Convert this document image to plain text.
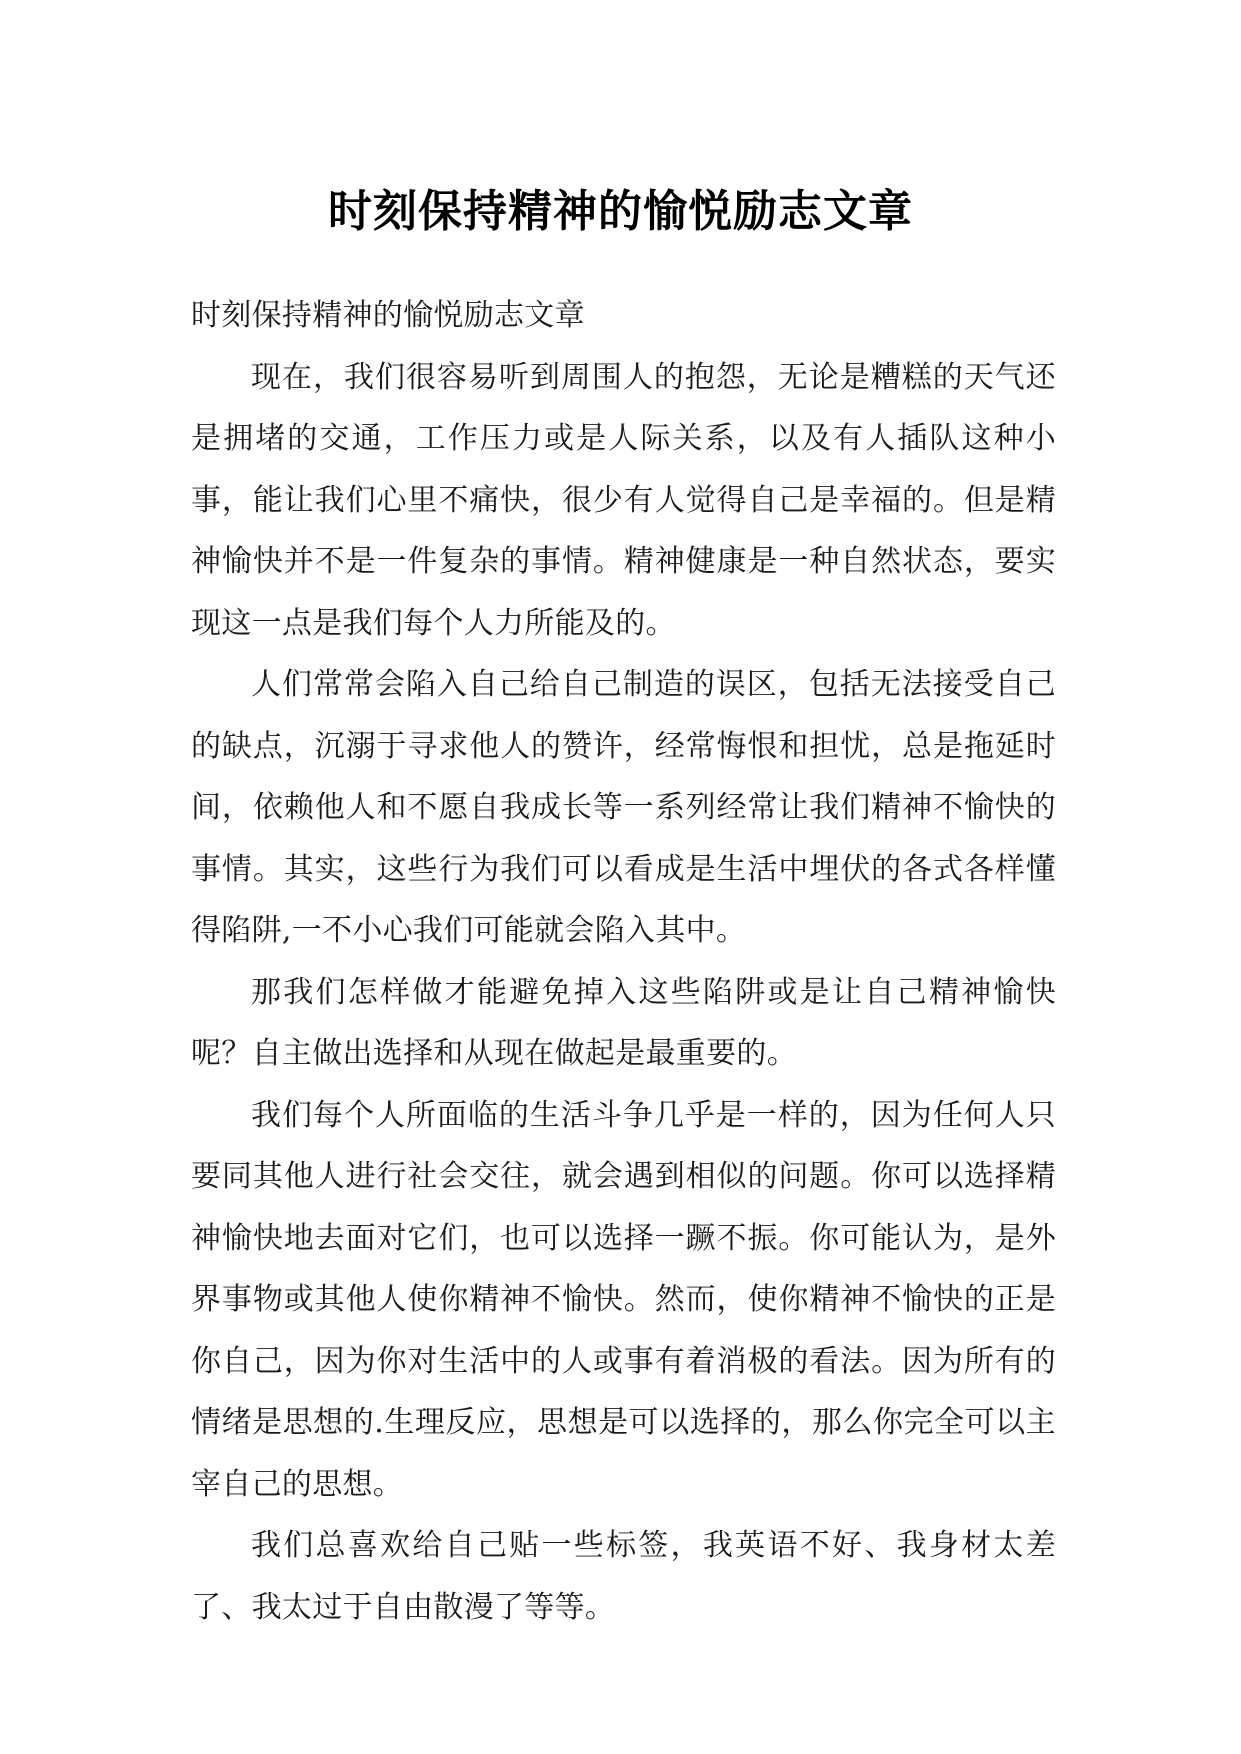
时刻保持精神的愉悦励志文章

时刻保持精神的愉悦励志文章

现在，我们很容易听到周围人的抱怨，无论是糟糕的天气还是拥堵的交通，工作压力或是人际关系，以及有人插队这种小事，能让我们心里不痛快，很少有人觉得自己是幸福的。但是精神愉快并不是一件复杂的事情。精神健康是一种自然状态，要实现这一点是我们每个人力所能及的。

人们常常会陷入自己给自己制造的误区，包括无法接受自己的缺点，沉溺于寻求他人的赞许，经常悔恨和担忧，总是拖延时间，依赖他人和不愿自我成长等一系列经常让我们精神不愉快的事情。其实，这些行为我们可以看成是生活中埋伏的各式各样懂得陷阱,一不小心我们可能就会陷入其中。

那我们怎样做才能避免掉入这些陷阱或是让自己精神愉快呢？自主做出选择和从现在做起是最重要的。

我们每个人所面临的生活斗争几乎是一样的，因为任何人只要同其他人进行社会交往，就会遇到相似的问题。你可以选择精神愉快地去面对它们，也可以选择一蹶不振。你可能认为，是外界事物或其他人使你精神不愉快。然而，使你精神不愉快的正是你自己，因为你对生活中的人或事有着消极的看法。因为所有的情绪是思想的.生理反应，思想是可以选择的，那么你完全可以主宰自己的思想。

我们总喜欢给自己贴一些标签，我英语不好、我身材太差了、我太过于自由散漫了等等。
